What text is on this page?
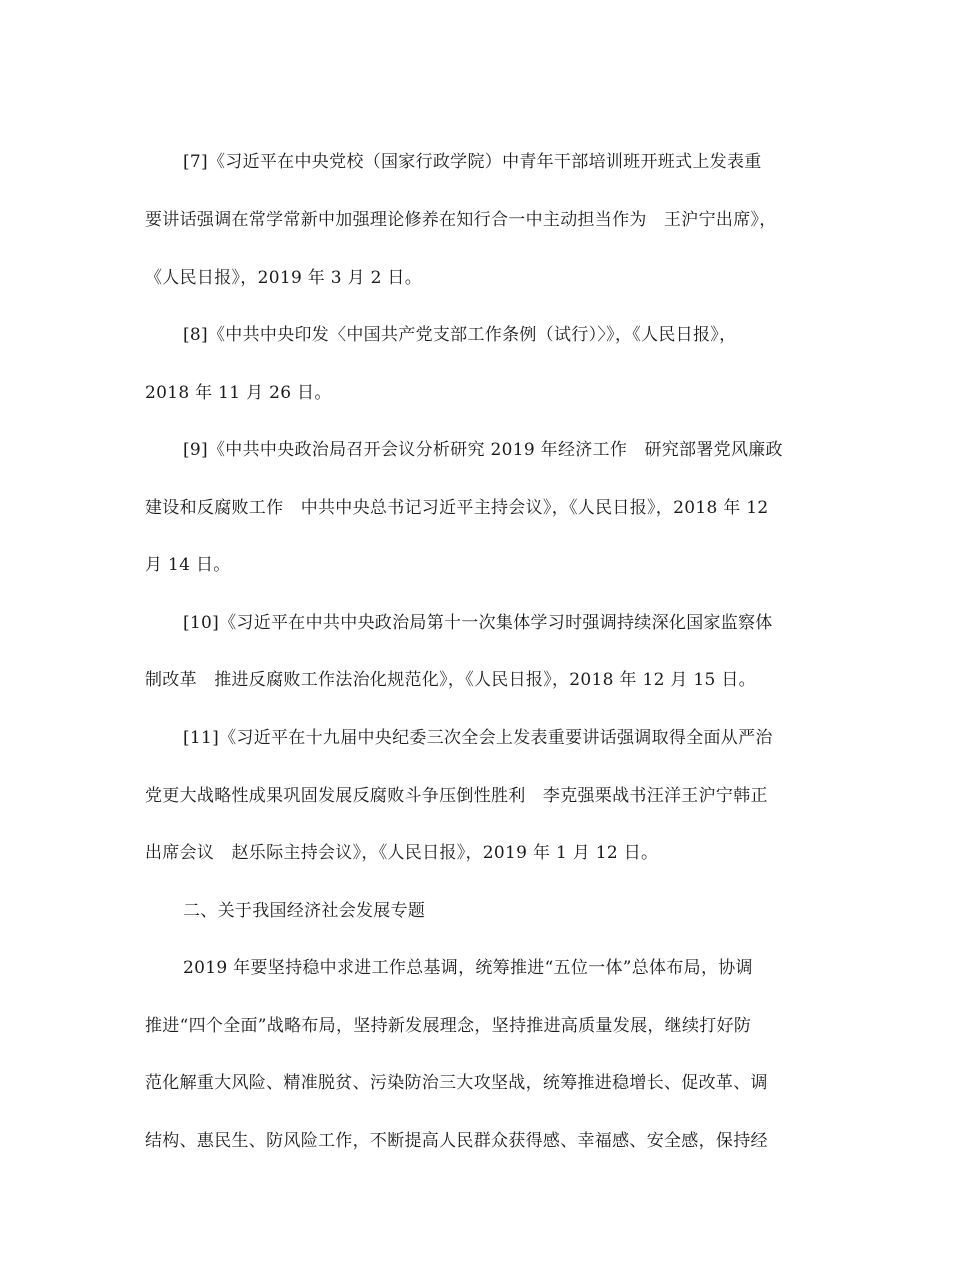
[7]《习近平在中央党校（国家行政学院）中青年干部培训班开班式上发表重
要讲话强调在常学常新中加强理论修养在知行合一中主动担当作为　王沪宁出席》，
《人民日报》，2019 年 3 月 2 日。
[8]《中共中央印发〈中国共产党支部工作条例（试行）〉》，《人民日报》，
2018 年 11 月 26 日。
[9]《中共中央政治局召开会议分析研究 2019 年经济工作　研究部署党风廉政
建设和反腐败工作　中共中央总书记习近平主持会议》，《人民日报》，2018 年 12
月 14 日。
[10]《习近平在中共中央政治局第十一次集体学习时强调持续深化国家监察体
制改革　推进反腐败工作法治化规范化》，《人民日报》，2018 年 12 月 15 日。
[11]《习近平在十九届中央纪委三次全会上发表重要讲话强调取得全面从严治
党更大战略性成果巩固发展反腐败斗争压倒性胜利　李克强栗战书汪洋王沪宁韩正
出席会议　赵乐际主持会议》，《人民日报》，2019 年 1 月 12 日。
二、关于我国经济社会发展专题
2019 年要坚持稳中求进工作总基调，统筹推进“五位一体”总体布局，协调
推进“四个全面”战略布局，坚持新发展理念，坚持推进高质量发展，继续打好防
范化解重大风险、精准脱贫、污染防治三大攻坚战，统筹推进稳增长、促改革、调
结构、惠民生、防风险工作，不断提高人民群众获得感、幸福感、安全感，保持经
